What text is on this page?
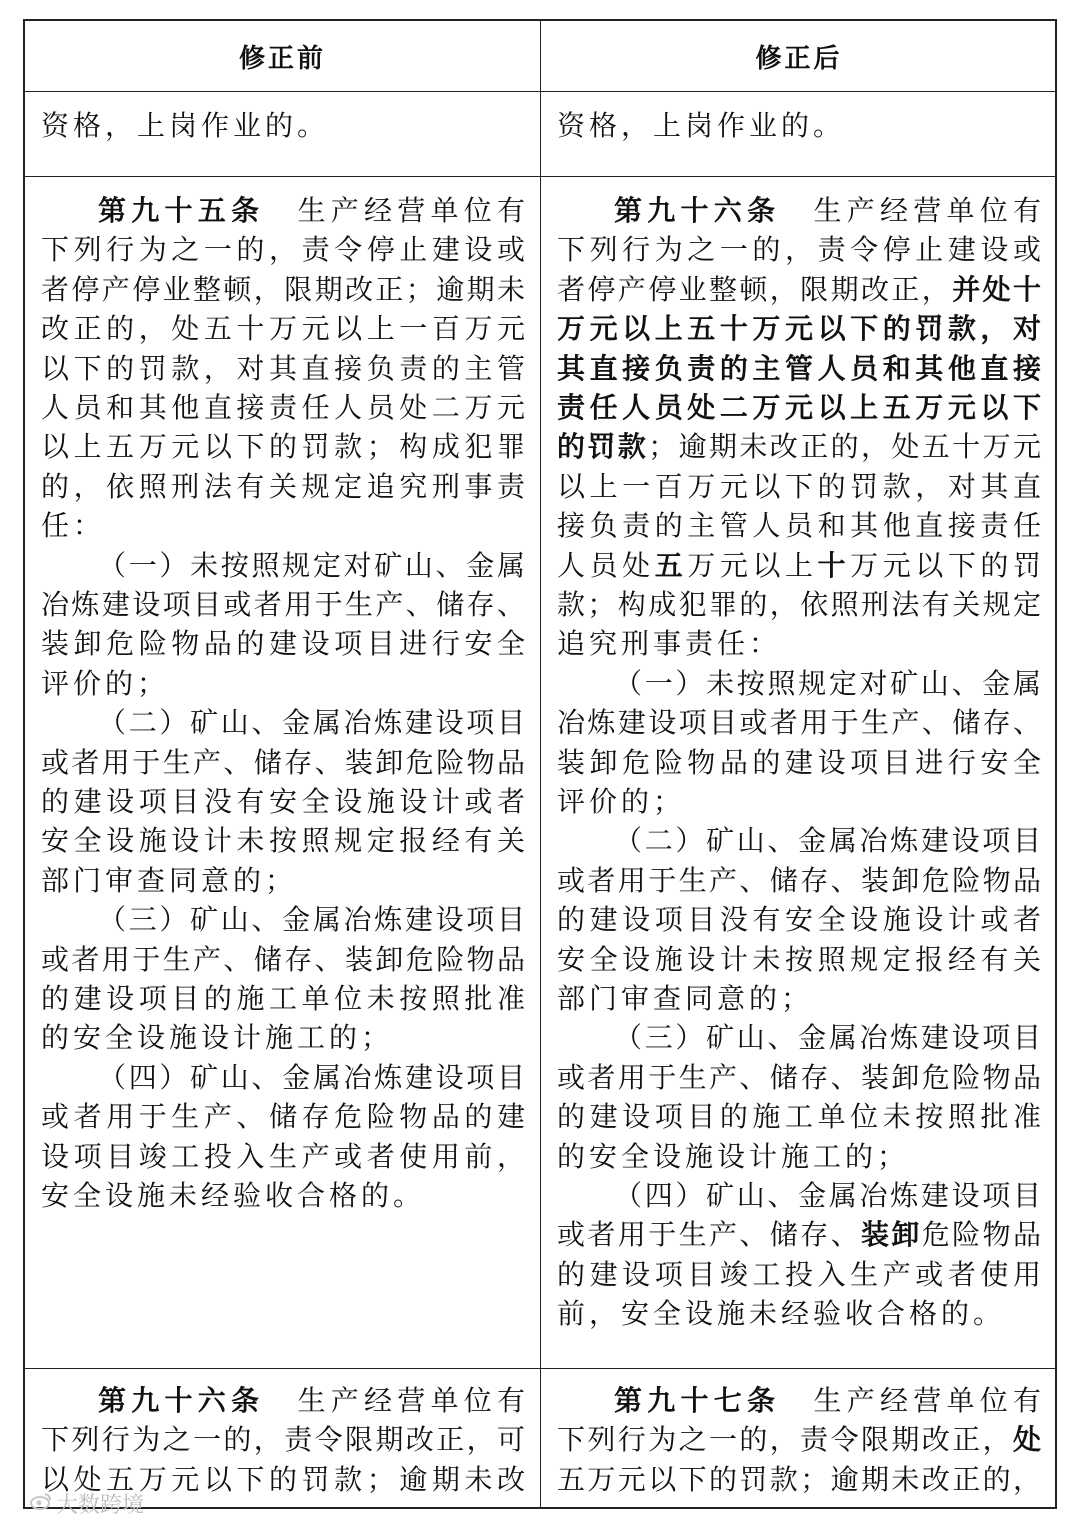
修正前	修正后
资格，上岗作业的。	资格，上岗作业的。
第九十五条　生产经营单位有
下列行为之一的，责令停止建设或
者停产停业整顿，限期改正；逾期未
改正的，处五十万元以上一百万元
以下的罚款，对其直接负责的主管
人员和其他直接责任人员处二万元
以上五万元以下的罚款；构成犯罪
的，依照刑法有关规定追究刑事责
任：
（一）未按照规定对矿山、金属
冶炼建设项目或者用于生产、储存、
装卸危险物品的建设项目进行安全
评价的；
（二）矿山、金属冶炼建设项目
或者用于生产、储存、装卸危险物品
的建设项目没有安全设施设计或者
安全设施设计未按照规定报经有关
部门审查同意的；
（三）矿山、金属冶炼建设项目
或者用于生产、储存、装卸危险物品
的建设项目的施工单位未按照批准
的安全设施设计施工的；
（四）矿山、金属冶炼建设项目
或者用于生产、储存危险物品的建
设项目竣工投入生产或者使用前，
安全设施未经验收合格的。
第九十六条　生产经营单位有
下列行为之一的，责令停止建设或
者停产停业整顿，限期改正，并处十
万元以上五十万元以下的罚款，对
其直接负责的主管人员和其他直接
责任人员处二万元以上五万元以下
的罚款；逾期未改正的，处五十万元
以上一百万元以下的罚款，对其直
接负责的主管人员和其他直接责任
人员处五万元以上十万元以下的罚
款；构成犯罪的，依照刑法有关规定
追究刑事责任：
（一）未按照规定对矿山、金属
冶炼建设项目或者用于生产、储存、
装卸危险物品的建设项目进行安全
评价的；
（二）矿山、金属冶炼建设项目
或者用于生产、储存、装卸危险物品
的建设项目没有安全设施设计或者
安全设施设计未按照规定报经有关
部门审查同意的；
（三）矿山、金属冶炼建设项目
或者用于生产、储存、装卸危险物品
的建设项目的施工单位未按照批准
的安全设施设计施工的；
（四）矿山、金属冶炼建设项目
或者用于生产、储存、装卸危险物品
的建设项目竣工投入生产或者使用
前，安全设施未经验收合格的。
第九十六条　生产经营单位有
下列行为之一的，责令限期改正，可
以处五万元以下的罚款；逾期未改
第九十七条　生产经营单位有
下列行为之一的，责令限期改正，处
五万元以下的罚款；逾期未改正的，
大数跨境
